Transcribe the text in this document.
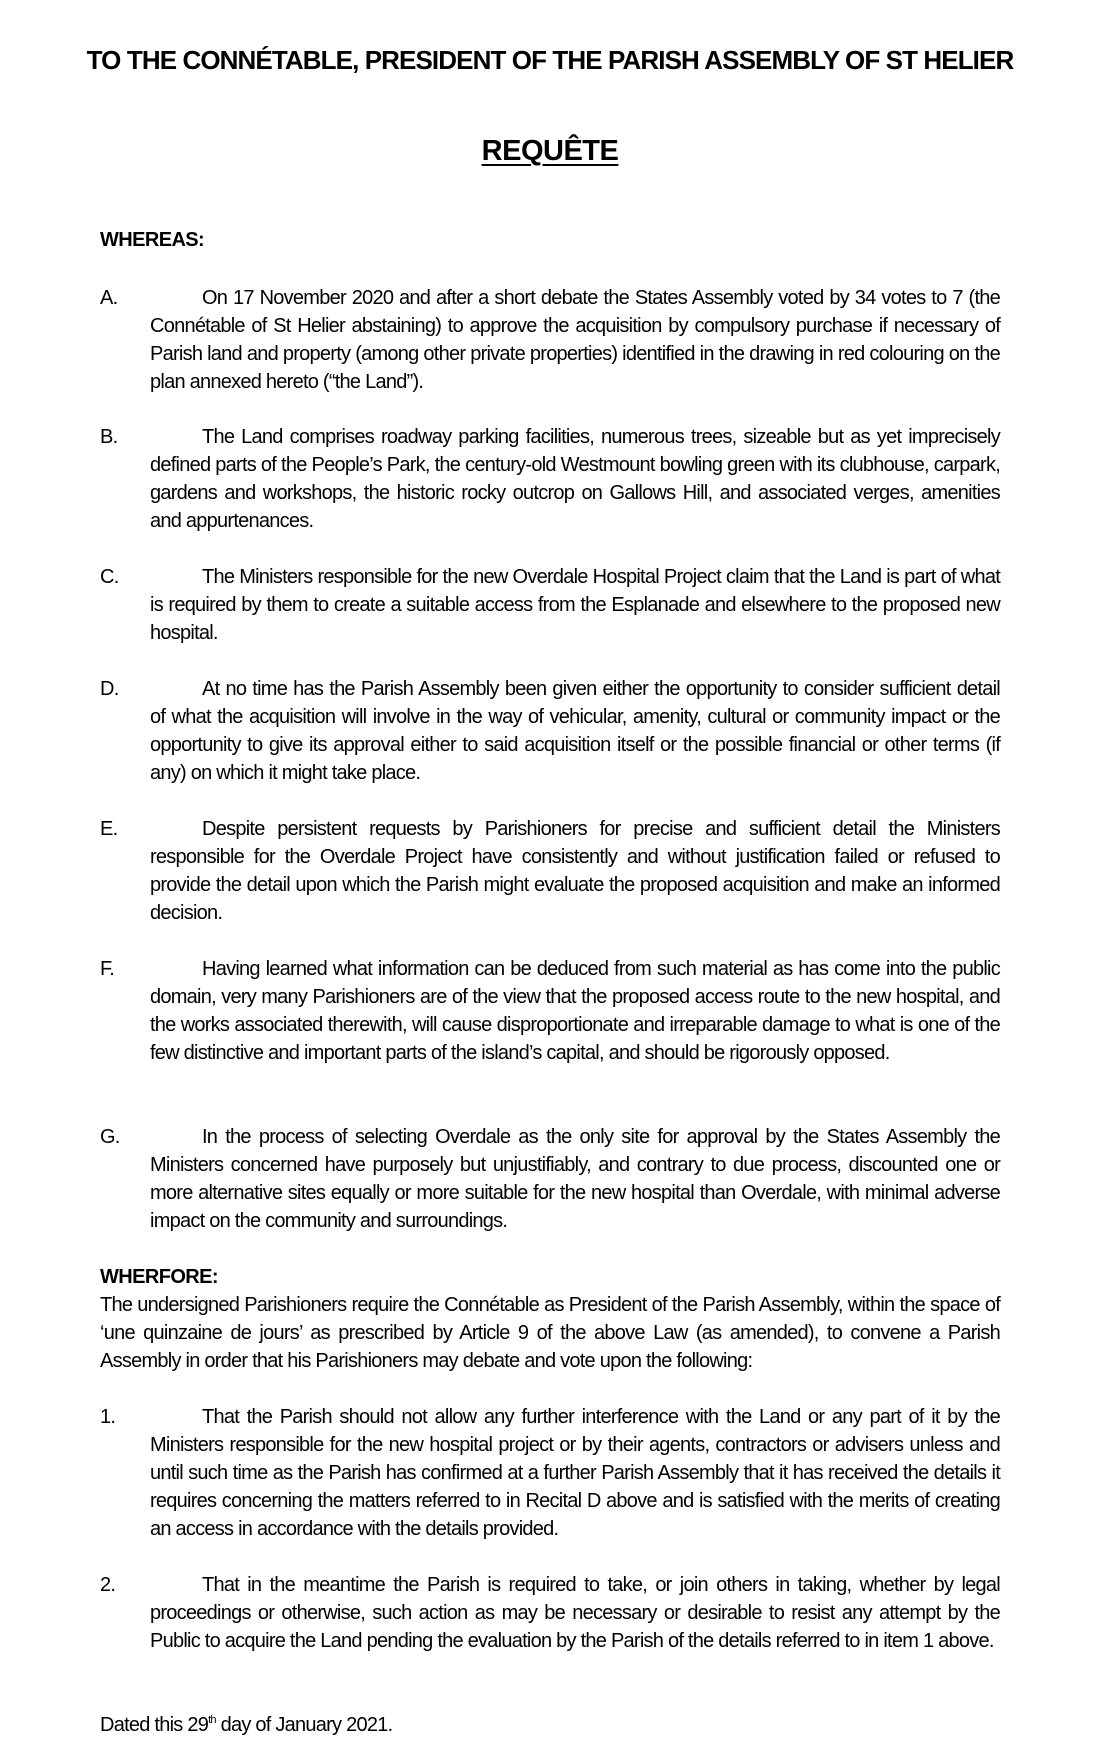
TO THE CONNÉTABLE, PRESIDENT OF THE PARISH ASSEMBLY OF ST HELIER
REQUÊTE
WHEREAS:
A.	On 17 November 2020 and after a short debate the States Assembly voted by 34 votes to 7 (the Connétable of St Helier abstaining) to approve the acquisition by compulsory purchase if necessary of Parish land and property (among other private properties) identified in the drawing in red colouring on the plan annexed hereto (“the Land”).
B.	The Land comprises roadway parking facilities, numerous trees, sizeable but as yet imprecisely defined parts of the People’s Park, the century-old Westmount bowling green with its clubhouse, carpark, gardens and workshops, the historic rocky outcrop on Gallows Hill, and associated verges, amenities and appurtenances.
C.	The Ministers responsible for the new Overdale Hospital Project claim that the Land is part of what is required by them to create a suitable access from the Esplanade and elsewhere to the proposed new hospital.
D.	At no time has the Parish Assembly been given either the opportunity to consider sufficient detail of what the acquisition will involve in the way of vehicular, amenity, cultural or community impact or the opportunity to give its approval either to said acquisition itself or the possible financial or other terms (if any) on which it might take place.
E.	Despite persistent requests by Parishioners for precise and sufficient detail the Ministers responsible for the Overdale Project have consistently and without justification failed or refused to provide the detail upon which the Parish might evaluate the proposed acquisition and make an informed decision.
F.	Having learned what information can be deduced from such material as has come into the public domain, very many Parishioners are of the view that the proposed access route to the new hospital, and the works associated therewith, will cause disproportionate and irreparable damage to what is one of the few distinctive and important parts of the island’s capital, and should be rigorously opposed.
G.	In the process of selecting Overdale as the only site for approval by the States Assembly the Ministers concerned have purposely but unjustifiably, and contrary to due process, discounted one or more alternative sites equally or more suitable for the new hospital than Overdale, with minimal adverse impact on the community and surroundings.
WHERFORE:
The undersigned Parishioners require the Connétable as President of the Parish Assembly, within the space of ‘une quinzaine de jours’ as prescribed by Article 9 of the above Law (as amended), to convene a Parish Assembly in order that his Parishioners may debate and vote upon the following:
1.	That the Parish should not allow any further interference with the Land or any part of it by the Ministers responsible for the new hospital project or by their agents, contractors or advisers unless and until such time as the Parish has confirmed at a further Parish Assembly that it has received the details it requires concerning the matters referred to in Recital D above and is satisfied with the merits of creating an access in accordance with the details provided.
2.	That in the meantime the Parish is required to take, or join others in taking, whether by legal proceedings or otherwise, such action as may be necessary or desirable to resist any attempt by the Public to acquire the Land pending the evaluation by the Parish of the details referred to in item 1 above.
Dated this 29th day of January 2021.
